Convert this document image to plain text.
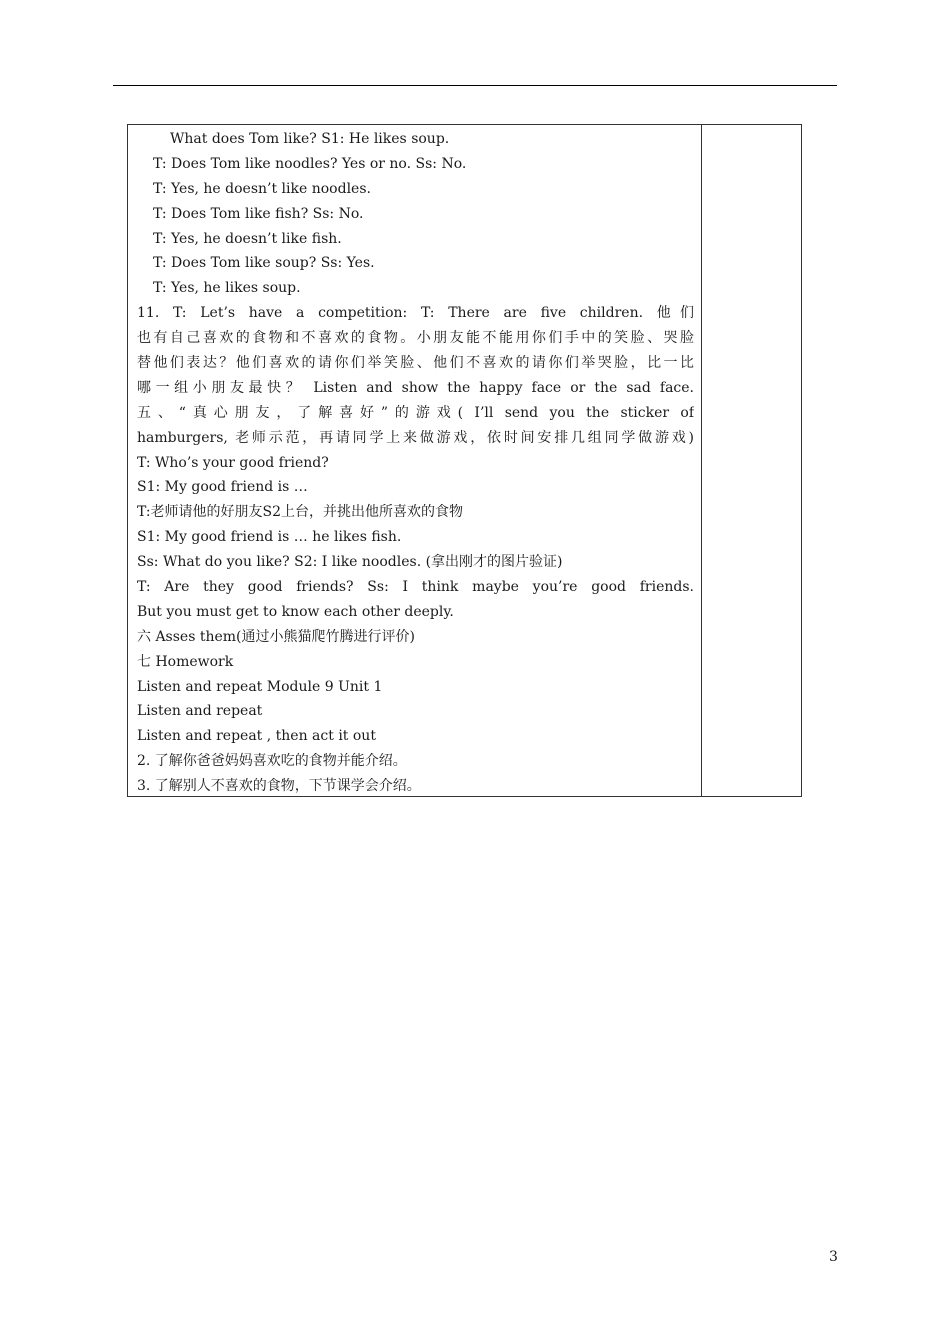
What does Tom like? S1: He likes soup.
T: Does Tom like noodles? Yes or no. Ss: No.
T: Yes, he doesn’t like noodles.
T: Does Tom like fish? Ss: No.
T: Yes, he doesn’t like fish.
T: Does Tom like soup? Ss: Yes.
T: Yes, he likes soup.
11. T: Let’s have a competition: T: There are five children. 他们
也有自己喜欢的食物和不喜欢的食物。小朋友能不能用你们手中的笑脸、哭脸
替他们表达？他们喜欢的请你们举笑脸、他们不喜欢的请你们举哭脸，比一比
哪一组小朋友最快？ Listen and show the happy face or the sad face.
五、“真心朋友，了解喜好”的游戏( I’ll send you the sticker of
hamburgers, 老师示范，再请同学上来做游戏，依时间安排几组同学做游戏)
T: Who’s your good friend?
S1: My good friend is …
T:老师请他的好朋友S2上台，并挑出他所喜欢的食物
S1: My good friend is … he likes fish.
Ss: What do you like? S2: I like noodles. (拿出刚才的图片验证)
T: Are they good friends? Ss: I think maybe you’re good friends.
But you must get to know each other deeply.
六 Asses them(通过小熊猫爬竹腾进行评价)
七 Homework
Listen and repeat Module 9 Unit 1
Listen and repeat
Listen and repeat , then act it out
2. 了解你爸爸妈妈喜欢吃的食物并能介绍。
3. 了解别人不喜欢的食物，下节课学会介绍。
3
